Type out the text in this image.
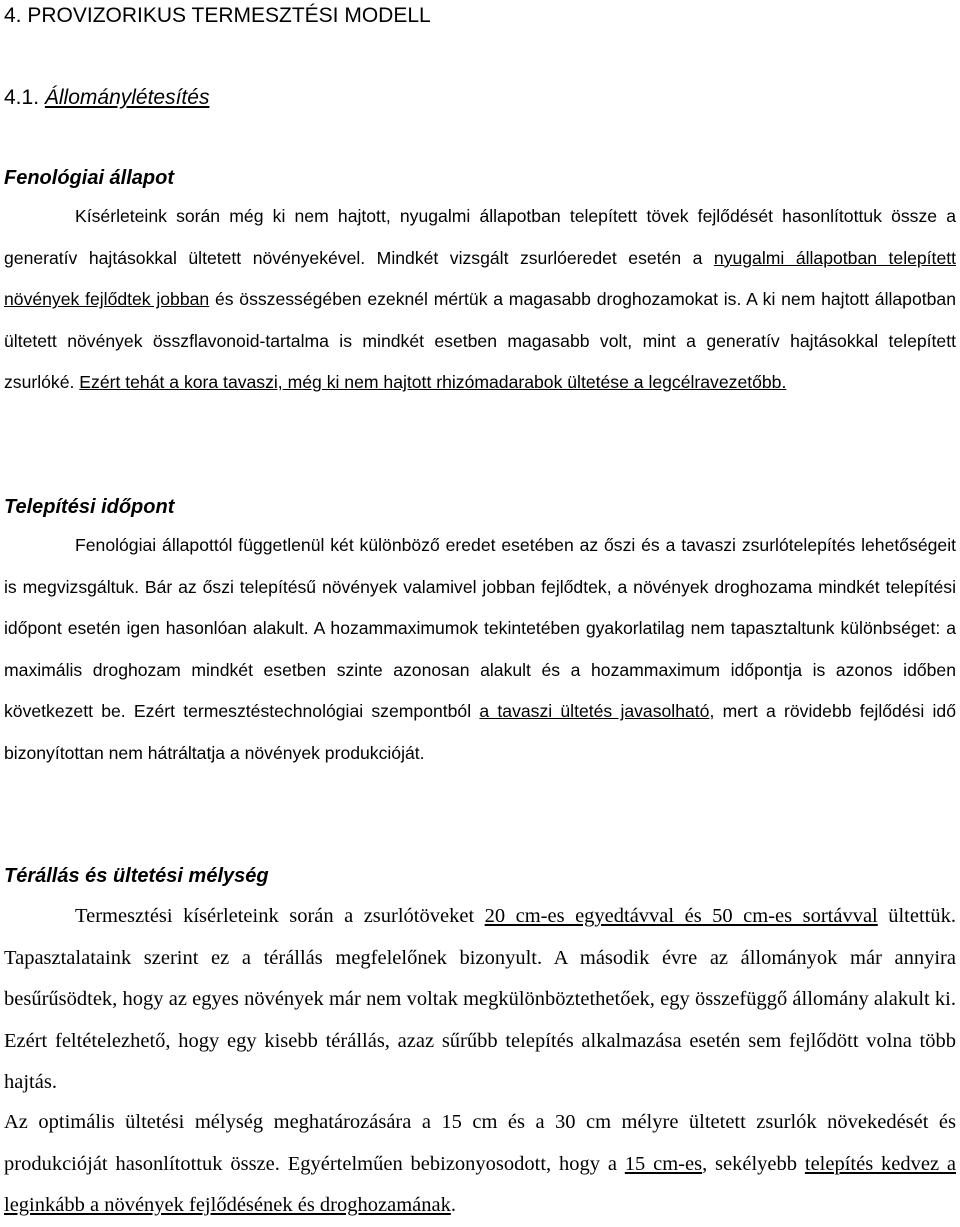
4. PROVIZORIKUS TERMESZTÉSI MODELL
4.1. Állománylétesítés
Fenológiai állapot

Kísérleteink során még ki nem hajtott, nyugalmi állapotban telepített tövek fejlődését hasonlítottuk össze a generatív hajtásokkal ültetett növényekével. Mindkét vizsgált zsurlóeredet esetén a nyugalmi állapotban telepített növények fejlődtek jobban és összességében ezeknél mértük a magasabb droghozamokat is. A ki nem hajtott állapotban ültetett növények összflavonoid-tartalma is mindkét esetben magasabb volt, mint a generatív hajtásokkal telepített zsurlóké. Ezért tehát a kora tavaszi, még ki nem hajtott rhizómadarabok ültetése a legcélravezetőbb.

Telepítési időpont

Fenológiai állapottól függetlenül két különböző eredet esetében az őszi és a tavaszi zsurlótelepítés lehetőségeit is megvizsgáltuk. Bár az őszi telepítésű növények valamivel jobban fejlődtek, a növények droghozama mindkét telepítési időpont esetén igen hasonlóan alakult. A hozammaximumok tekintetében gyakorlatilag nem tapasztaltunk különbséget: a maximális droghozam mindkét esetben szinte azonosan alakult és a hozammaximum időpontja is azonos időben következett be. Ezért termesztéstechnológiai szempontból a tavaszi ültetés javasolható, mert a rövidebb fejlődési idő bizonyítottan nem hátráltatja a növények produkcióját.

Térállás és ültetési mélység

Termesztési kísérleteink során a zsurlótöveket 20 cm-es egyedtávval és 50 cm-es sortávval ültettük. Tapasztalataink szerint ez a térállás megfelelőnek bizonyult. A második évre az állományok már annyira besűrűsödtek, hogy az egyes növények már nem voltak megkülönböztethetőek, egy összefüggő állomány alakult ki. Ezért feltételezhető, hogy egy kisebb térállás, azaz sűrűbb telepítés alkalmazása esetén sem fejlődött volna több hajtás.

Az optimális ültetési mélység meghatározására a 15 cm és a 30 cm mélyre ültetett zsurlók növekedését és produkcióját hasonlítottuk össze. Egyértelműen bebizonyosodott, hogy a 15 cm-es, sekélyebb telepítés kedvez a leginkább a növények fejlődésének és droghozamának.
